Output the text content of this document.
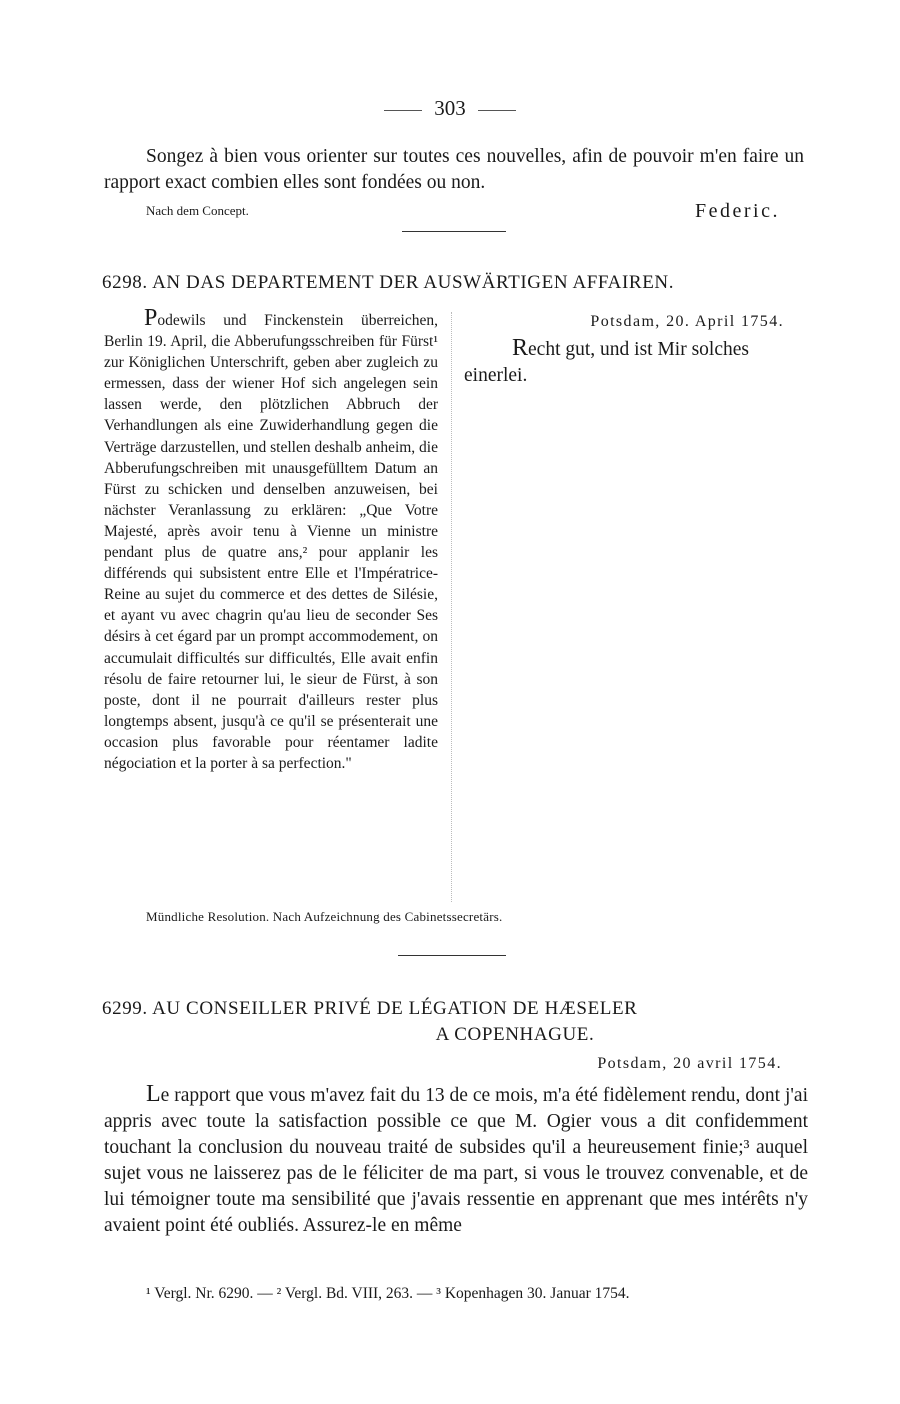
303

Songez à bien vous orienter sur toutes ces nouvelles, afin de pouvoir m'en faire un rapport exact combien elles sont fondées ou non.

Nach dem Concept.	Federic.
6298. AN DAS DEPARTEMENT DER AUSWÄRTIGEN AFFAIREN.

Podewils und Finckenstein überreichen, Berlin 19. April, die Abberufungsschreiben für Fürst¹ zur Königlichen Unterschrift, geben aber zugleich zu ermessen, dass der wiener Hof sich angelegen sein lassen werde, den plötzlichen Abbruch der Verhandlungen als eine Zuwiderhandlung gegen die Verträge darzustellen, und stellen deshalb anheim, die Abberufungschreiben mit unausgefülltem Datum an Fürst zu schicken und denselben anzuweisen, bei nächster Veranlassung zu erklären: „Que Votre Majesté, après avoir tenu à Vienne un ministre pendant plus de quatre ans,² pour applanir les différends qui subsistent entre Elle et l'Impératrice-Reine au sujet du commerce et des dettes de Silésie, et ayant vu avec chagrin qu'au lieu de seconder Ses désirs à cet égard par un prompt accommodement, on accumulait difficultés sur difficultés, Elle avait enfin résolu de faire retourner lui, le sieur de Fürst, à son poste, dont il ne pourrait d'ailleurs rester plus longtemps absent, jusqu'à ce qu'il se présenterait une occasion plus favorable pour réentamer ladite négociation et la porter à sa perfection."

Potsdam, 20. April 1754.

Recht gut, und ist Mir solches einerlei.

Mündliche Resolution. Nach Aufzeichnung des Cabinetssecretärs.
6299. AU CONSEILLER PRIVÉ DE LÉGATION DE HÆSELER
A COPENHAGUE.
Potsdam, 20 avril 1754.

Le rapport que vous m'avez fait du 13 de ce mois, m'a été fidèlement rendu, dont j'ai appris avec toute la satisfaction possible ce que M. Ogier vous a dit confidemment touchant la conclusion du nouveau traité de subsides qu'il a heureusement finie;³ auquel sujet vous ne laisserez pas de le féliciter de ma part, si vous le trouvez convenable, et de lui témoigner toute ma sensibilité que j'avais ressentie en apprenant que mes intérêts n'y avaient point été oubliés. Assurez-le en même

¹ Vergl. Nr. 6290. — ² Vergl. Bd. VIII, 263. — ³ Kopenhagen 30. Januar 1754.
